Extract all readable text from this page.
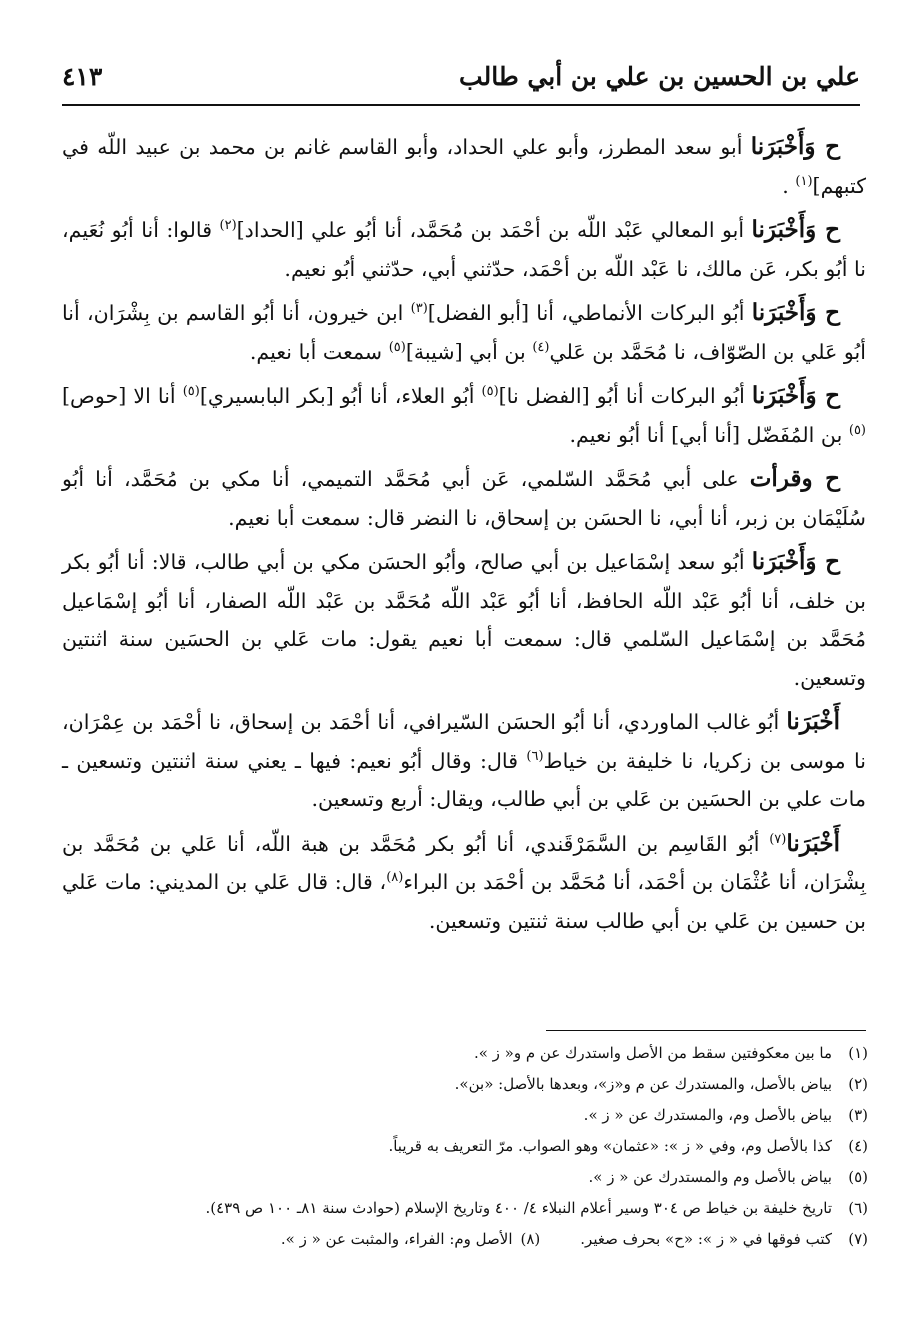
علي بن الحسين بن علي بن أبي طالب
٤١٣

ح وَأَخْبَرَنا أبو سعد المطرز، وأبو علي الحداد، وأبو القاسم غانم بن محمد بن عبيد اللّه في كتبهم]$^{(١)}$ .

ح وَأَخْبَرَنا أبو المعالي عَبْد اللّه بن أحْمَد بن مُحَمَّد، أنا أبُو علي [الحداد]$^{(٢)}$ قالوا: أنا أبُو نُعَيم، نا أبُو بكر، عَن مالك، نا عَبْد اللّه بن أحْمَد، حدّثني أبي، حدّثني أبُو نعيم.

ح وَأَخْبَرَنا أبُو البركات الأنماطي، أنا [أبو الفضل]$^{(٣)}$ ابن خيرون، أنا أبُو القاسم بن بِشْرَان، أنا أبُو عَلي بن الصّوّاف، نا مُحَمَّد بن عَلي$^{(٤)}$ بن أبي [شيبة]$^{(٥)}$ سمعت أبا نعيم.

ح وَأَخْبَرَنا أبُو البركات أنا أبُو [الفضل نا]$^{(٥)}$ أبُو العلاء، أنا أبُو [بكر البابسيري]$^{(٥)}$ أنا الا [حوص]$^{(٥)}$ بن المُفَضّل [أنا أبي] أنا أبُو نعيم.

ح وقرأت على أبي مُحَمَّد السّلمي، عَن أبي مُحَمَّد التميمي، أنا مكي بن مُحَمَّد، أنا أبُو سُلَيْمَان بن زبر، أنا أبي، نا الحسَن بن إسحاق، نا النضر قال: سمعت أبا نعيم.

ح وَأَخْبَرَنا أبُو سعد إسْمَاعيل بن أبي صالح، وأبُو الحسَن مكي بن أبي طالب، قالا: أنا أبُو بكر بن خلف، أنا أبُو عَبْد اللّه الحافظ، أنا أبُو عَبْد اللّه مُحَمَّد بن عَبْد اللّه الصفار، أنا أبُو إسْمَاعيل مُحَمَّد بن إسْمَاعيل السّلمي قال: سمعت أبا نعيم يقول: مات عَلي بن الحسَين سنة اثنتين وتسعين.

أَخْبَرَنا أبُو غالب الماوردي، أنا أبُو الحسَن السّيرافي، أنا أحْمَد بن إسحاق، نا أحْمَد بن عِمْرَان، نا موسى بن زكريا، نا خليفة بن خياط$^{(٦)}$ قال: وقال أبُو نعيم: فيها ـ يعني سنة اثنتين وتسعين ـ مات علي بن الحسَين بن عَلي بن أبي طالب، ويقال: أربع وتسعين.

أَخْبَرَنا$^{(٧)}$ أبُو القَاسِم بن السَّمَرْقَندي، أنا أبُو بكر مُحَمَّد بن هبة اللّه، أنا عَلي بن مُحَمَّد بن بِشْرَان، أنا عُثْمَان بن أحْمَد، أنا مُحَمَّد بن أحْمَد بن البراء$^{(٨)}$، قال: قال عَلي بن المديني: مات عَلي بن حسين بن عَلي بن أبي طالب سنة ثنتين وتسعين.

(١)
ما بين معكوفتين سقط من الأصل واستدرك عن م و« ز ».
(٢)
بياض بالأصل، والمستدرك عن م و«ز»، وبعدها بالأصل: «بن».
(٣)
بياض بالأصل وم، والمستدرك عن « ز ».
(٤)
كذا بالأصل وم، وفي « ز »: «عثمان» وهو الصواب. مرّ التعريف به قريباً.
(٥)
بياض بالأصل وم والمستدرك عن « ز ».
(٦)
تاريخ خليفة بن خياط ص ٣٠٤ وسير أعلام النبلاء ٤/ ٤٠٠ وتاريخ الإسلام (حوادث سنة ٨١ـ ١٠٠ ص ٤٣٩).
(٧)
كتب فوقها في « ز »: «ح» بحرف صغير.
(٨)
الأصل وم: الفراء، والمثبت عن « ز ».
